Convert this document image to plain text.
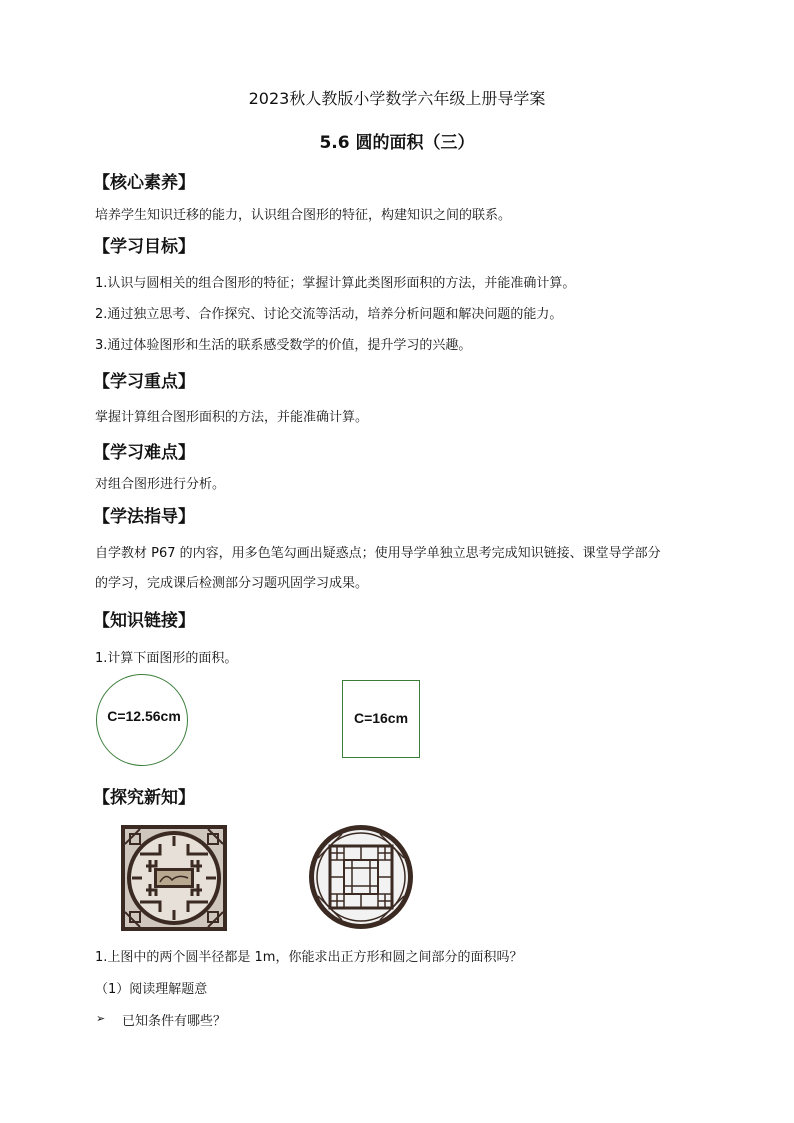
2023秋人教版小学数学六年级上册导学案
5.6 圆的面积（三）
【核心素养】
培养学生知识迁移的能力，认识组合图形的特征，构建知识之间的联系。
【学习目标】
1.认识与圆相关的组合图形的特征；掌握计算此类图形面积的方法，并能准确计算。
2.通过独立思考、合作探究、讨论交流等活动，培养分析问题和解决问题的能力。
3.通过体验图形和生活的联系感受数学的价值，提升学习的兴趣。
【学习重点】
掌握计算组合图形面积的方法，并能准确计算。
【学习难点】
对组合图形进行分析。
【学法指导】
自学教材 P67 的内容，用多色笔勾画出疑惑点；使用导学单独立思考完成知识链接、课堂导学部分
的学习，完成课后检测部分习题巩固学习成果。
【知识链接】
1.计算下面图形的面积。
C=12.56cm	C=16cm
【探究新知】
1.上图中的两个圆半径都是 1m，你能求出正方形和圆之间部分的面积吗？
（1）阅读理解题意
➢ 已知条件有哪些？
